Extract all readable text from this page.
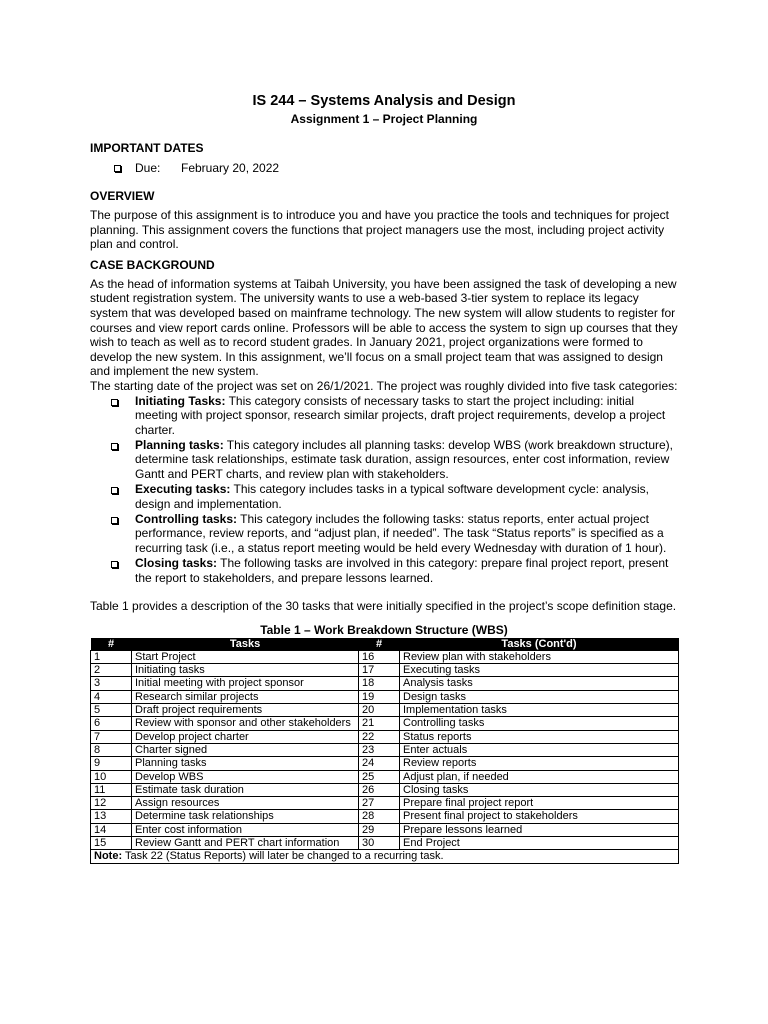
IS 244 – Systems Analysis and Design
Assignment 1 – Project Planning
IMPORTANT DATES
Due: February 20, 2022
OVERVIEW

The purpose of this assignment is to introduce you and have you practice the tools and techniques for project planning. This assignment covers the functions that project managers use the most, including project activity plan and control.

CASE BACKGROUND

As the head of information systems at Taibah University, you have been assigned the task of developing a new student registration system. The university wants to use a web-based 3-tier system to replace its legacy system that was developed based on mainframe technology. The new system will allow students to register for courses and view report cards online. Professors will be able to access the system to sign up courses that they wish to teach as well as to record student grades. In January 2021, project organizations were formed to develop the new system. In this assignment, we’ll focus on a small project team that was assigned to design and implement the new system.

The starting date of the project was set on 26/1/2021. The project was roughly divided into five task categories:

Initiating Tasks: This category consists of necessary tasks to start the project including: initial meeting with project sponsor, research similar projects, draft project requirements, develop a project charter.
Planning tasks: This category includes all planning tasks: develop WBS (work breakdown structure), determine task relationships, estimate task duration, assign resources, enter cost information, review Gantt and PERT charts, and review plan with stakeholders.
Executing tasks: This category includes tasks in a typical software development cycle: analysis, design and implementation.
Controlling tasks: This category includes the following tasks: status reports, enter actual project performance, review reports, and “adjust plan, if needed”. The task “Status reports” is specified as a recurring task (i.e., a status report meeting would be held every Wednesday with duration of 1 hour).
Closing tasks: The following tasks are involved in this category: prepare final project report, present the report to stakeholders, and prepare lessons learned.

Table 1 provides a description of the 30 tasks that were initially specified in the project’s scope definition stage.

Table 1 – Work Breakdown Structure (WBS)
#	Tasks	#	Tasks (Cont'd)
1	Start Project	16	Review plan with stakeholders
2	Initiating tasks	17	Executing tasks
3	Initial meeting with project sponsor	18	Analysis tasks
4	Research similar projects	19	Design tasks
5	Draft project requirements	20	Implementation tasks
6	Review with sponsor and other stakeholders	21	Controlling tasks
7	Develop project charter	22	Status reports
8	Charter signed	23	Enter actuals
9	Planning tasks	24	Review reports
10	Develop WBS	25	Adjust plan, if needed
11	Estimate task duration	26	Closing tasks
12	Assign resources	27	Prepare final project report
13	Determine task relationships	28	Present final project to stakeholders
14	Enter cost information	29	Prepare lessons learned
15	Review Gantt and PERT chart information	30	End Project
Note: Task 22 (Status Reports) will later be changed to a recurring task.			
